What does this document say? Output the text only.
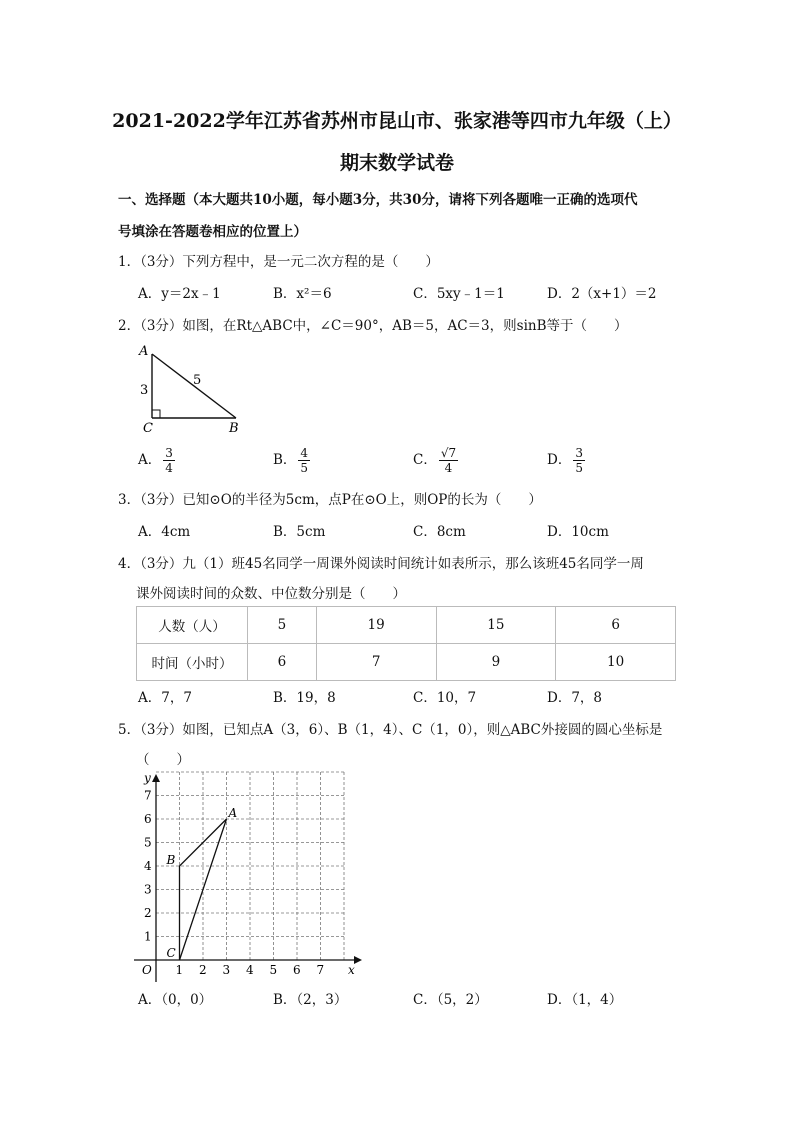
2021-2022学年江苏省苏州市昆山市、张家港等四市九年级（上）
期末数学试卷
一、选择题（本大题共10小题，每小题3分，共30分，请将下列各题唯一正确的选项代
号填涂在答题卷相应的位置上）
1．（3分）下列方程中，是一元二次方程的是（　　）
A．y＝2x﹣1	B．x²＝6	C．5xy﹣1＝1	D．2（x+1）＝2
2．（3分）如图，在Rt△ABC中，∠C＝90°，AB＝5，AC＝3，则sinB等于（　　）
A
3
5
C	B
A． $\frac{3}{4}$	B． $\frac{4}{5}$	C． $\frac{√7}{4}$	D． $\frac{3}{5}$
3．（3分）已知⊙O的半径为5cm，点P在⊙O上，则OP的长为（　　）
A．4cm	B．5cm	C．8cm	D．10cm
4．（3分）九（1）班45名同学一周课外阅读时间统计如表所示，那么该班45名同学一周
课外阅读时间的众数、中位数分别是（　　）
人数（人）	5	19	15	6
时间（小时）	6	7	9	10
A．7，7	B．19，8	C．10，7	D．7，8
5．（3分）如图，已知点A（3，6）、B（1，4）、C（1，0），则△ABC外接圆的圆心坐标是
（　　）
y
x
O 1 2 3 4 5 6 7
1
2
3
4
5
6
7
A
B
C
A．（0，0）	B．（2，3）	C．（5，2）	D．（1，4）
